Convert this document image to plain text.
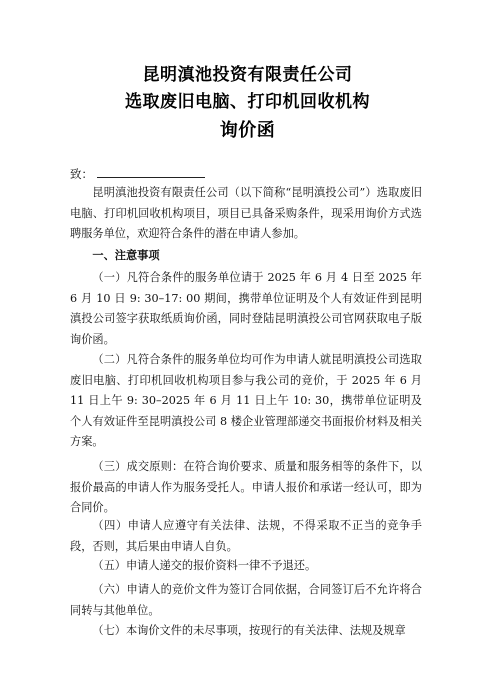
昆明滇池投资有限责任公司
选取废旧电脑、打印机回收机构
询价函
致：
昆明滇池投资有限责任公司（以下简称“昆明滇投公司”）选取废旧电脑、打印机回收机构项目，项目已具备采购条件，现采用询价方式选聘服务单位，欢迎符合条件的潜在申请人参加。
一、注意事项
（一）凡符合条件的服务单位请于 2025 年 6 月 4 日至 2025 年 6 月 10 日 9: 30–17: 00 期间，携带单位证明及个人有效证件到昆明滇投公司签字获取纸质询价函，同时登陆昆明滇投公司官网获取电子版询价函。
（二）凡符合条件的服务单位均可作为申请人就昆明滇投公司选取废旧电脑、打印机回收机构项目参与我公司的竞价，于 2025 年 6 月 11 日上午 9: 30–2025 年 6 月 11 日上午 10: 30，携带单位证明及个人有效证件至昆明滇投公司 8 楼企业管理部递交书面报价材料及相关方案。
（三）成交原则：在符合询价要求、质量和服务相等的条件下，以报价最高的申请人作为服务受托人。申请人报价和承诺一经认可，即为合同价。
（四）申请人应遵守有关法律、法规，不得采取不正当的竞争手段，否则，其后果由申请人自负。
（五）申请人递交的报价资料一律不予退还。
（六）申请人的竞价文件为签订合同依据，合同签订后不允许将合同转与其他单位。
（七）本询价文件的未尽事项，按现行的有关法律、法规及规章
